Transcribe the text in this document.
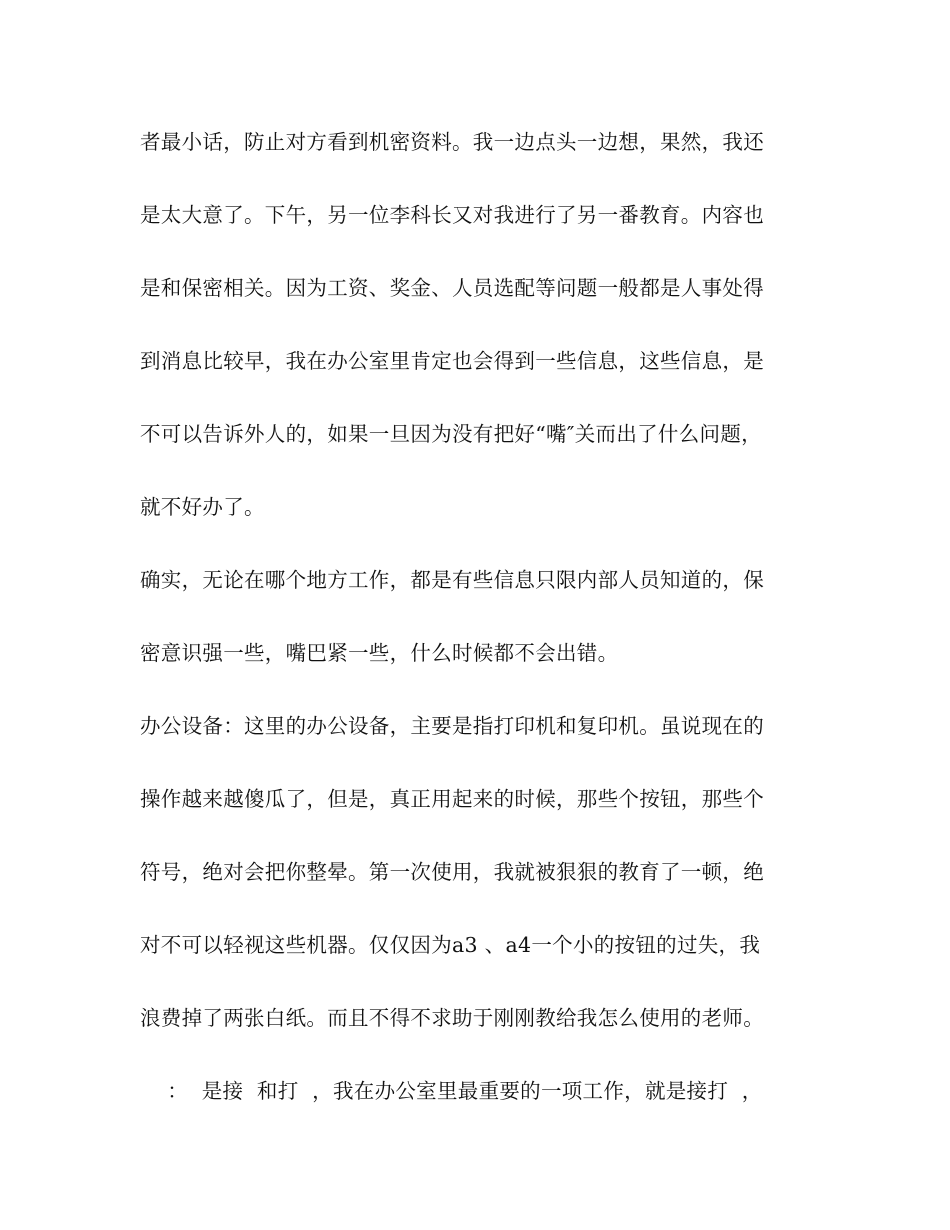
者最小话，防止对方看到机密资料。我一边点头一边想，果然，我还
是太大意了。下午，另一位李科长又对我进行了另一番教育。内容也
是和保密相关。因为工资、奖金、人员选配等问题一般都是人事处得
到消息比较早，我在办公室里肯定也会得到一些信息，这些信息，是
不可以告诉外人的，如果一旦因为没有把好“嘴″关而出了什么问题，
就不好办了。
确实，无论在哪个地方工作，都是有些信息只限内部人员知道的，保
密意识强一些，嘴巴紧一些，什么时候都不会出错。
办公设备：这里的办公设备，主要是指打印机和复印机。虽说现在的
操作越来越傻瓜了，但是，真正用起来的时候，那些个按钮，那些个
符号，绝对会把你整晕。第一次使用，我就被狠狠的教育了一顿，绝
对不可以轻视这些机器。仅仅因为a3 、a4一个小的按钮的过失，我
浪费掉了两张白纸。而且不得不求助于刚刚教给我怎么使用的老师。
：  是接  和打  ，我在办公室里最重要的一项工作，就是接打  ，
